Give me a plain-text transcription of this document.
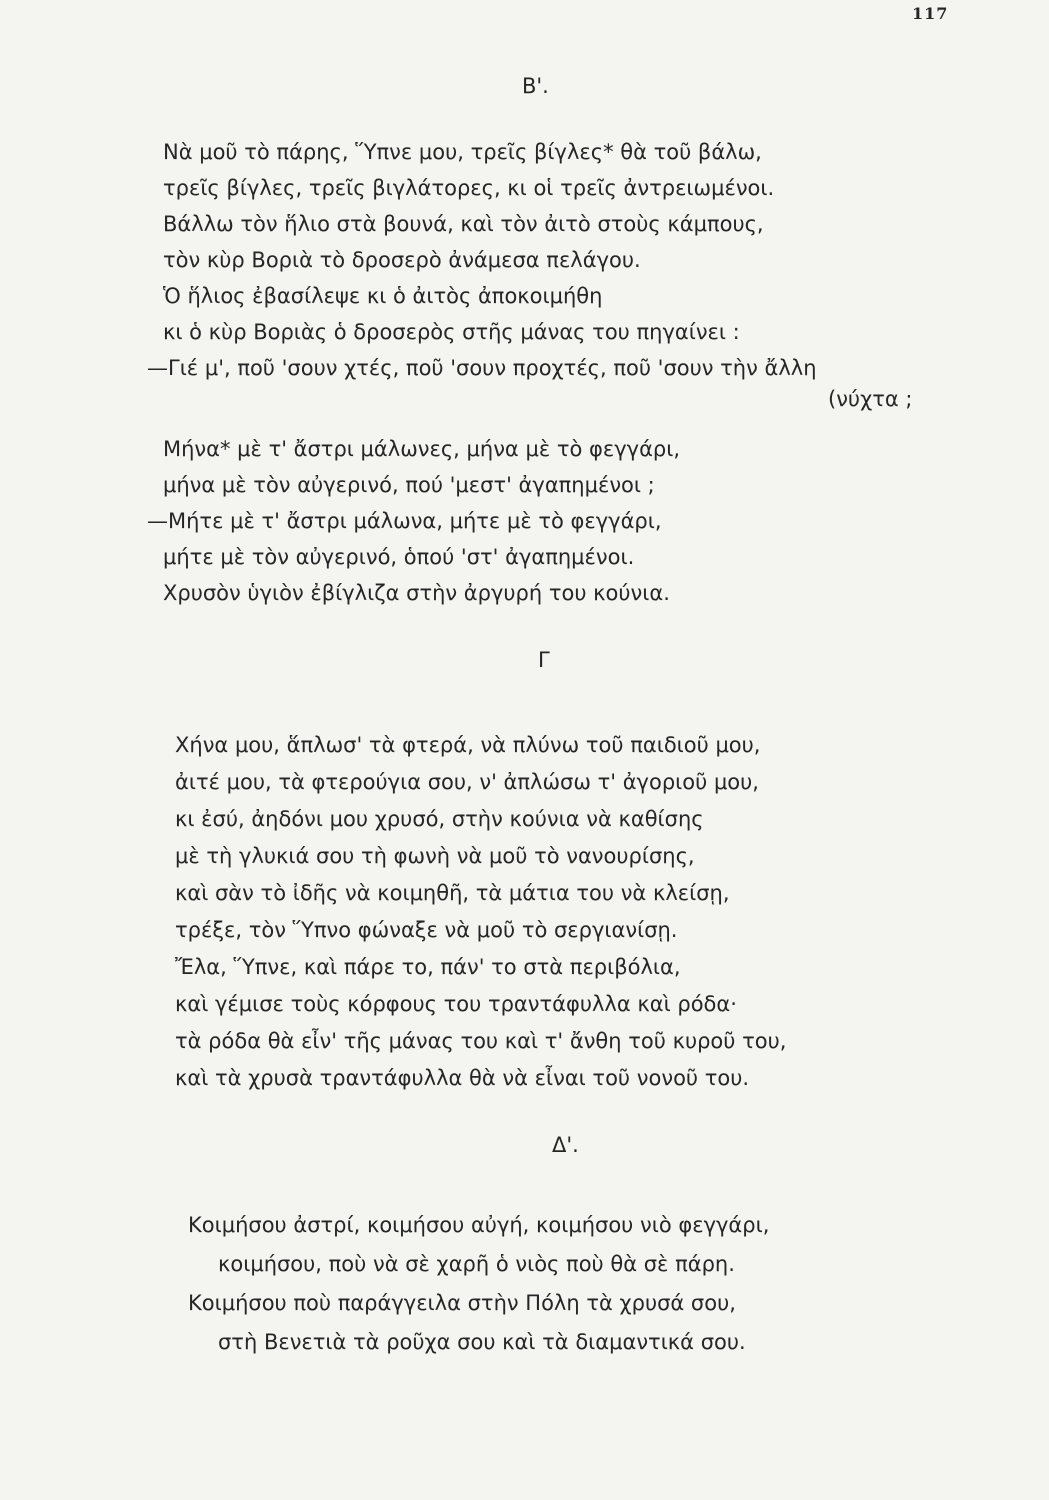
117
Β'.
Νὰ μοῦ τὸ πάρης, Ὕπνε μου, τρεῖς βίγλες* θὰ τοῦ βάλω,
τρεῖς βίγλες, τρεῖς βιγλάτορες, κι οἱ τρεῖς ἀντρειωμένοι.
Βάλλω τὸν ἥλιο στὰ βουνά, καὶ τὸν ἀιτὸ στοὺς κάμπους,
τὸν κὺρ Βοριὰ τὸ δροσερὸ ἀνάμεσα πελάγου.
Ὁ ἥλιος ἐβασίλεψε κι ὁ ἀιτὸς ἀποκοιμήθη
κι ὁ κὺρ Βοριὰς ὁ δροσερὸς στῆς μάνας του πηγαίνει :
—Γιέ μ', ποῦ 'σουν χτές, ποῦ 'σουν προχτές, ποῦ 'σουν τὴν ἄλλη
(νύχτα ;
Μήνα* μὲ τ' ἄστρι μάλωνες, μήνα μὲ τὸ φεγγάρι,
μήνα μὲ τὸν αὐγερινό, πού 'μεστ' ἀγαπημένοι ;
—Μήτε μὲ τ' ἄστρι μάλωνα, μήτε μὲ τὸ φεγγάρι,
μήτε μὲ τὸν αὐγερινό, ὁπού 'στ' ἀγαπημένοι.
Χρυσὸν ὑγιὸν ἐβίγλιζα στὴν ἀργυρή του κούνια.
Γ
Χήνα μου, ἅπλωσ' τὰ φτερά, νὰ πλύνω τοῦ παιδιοῦ μου,
ἀιτέ μου, τὰ φτερούγια σου, ν' ἀπλώσω τ' ἀγοριοῦ μου,
κι ἐσύ, ἀηδόνι μου χρυσό, στὴν κούνια νὰ καθίσης
μὲ τὴ γλυκιά σου τὴ φωνὴ νὰ μοῦ τὸ νανουρίσης,
καὶ σὰν τὸ ἰδῆς νὰ κοιμηθῆ, τὰ μάτια του νὰ κλείσῃ,
τρέξε, τὸν Ὕπνο φώναξε νὰ μοῦ τὸ σεργιανίσῃ.
Ἔλα, Ὕπνε, καὶ πάρε το, πάν' το στὰ περιβόλια,
καὶ γέμισε τοὺς κόρφους του τραντάφυλλα καὶ ρόδα·
τὰ ρόδα θὰ εἶν' τῆς μάνας του καὶ τ' ἄνθη τοῦ κυροῦ του,
καὶ τὰ χρυσὰ τραντάφυλλα θὰ νὰ εἶναι τοῦ νονοῦ του.
Δ'.
Κοιμήσου ἀστρί, κοιμήσου αὐγή, κοιμήσου νιὸ φεγγάρι,
κοιμήσου, ποὺ νὰ σὲ χαρῆ ὁ νιὸς ποὺ θὰ σὲ πάρη.
Κοιμήσου ποὺ παράγγειλα στὴν Πόλη τὰ χρυσά σου,
στὴ Βενετιὰ τὰ ροῦχα σου καὶ τὰ διαμαντικά σου.
